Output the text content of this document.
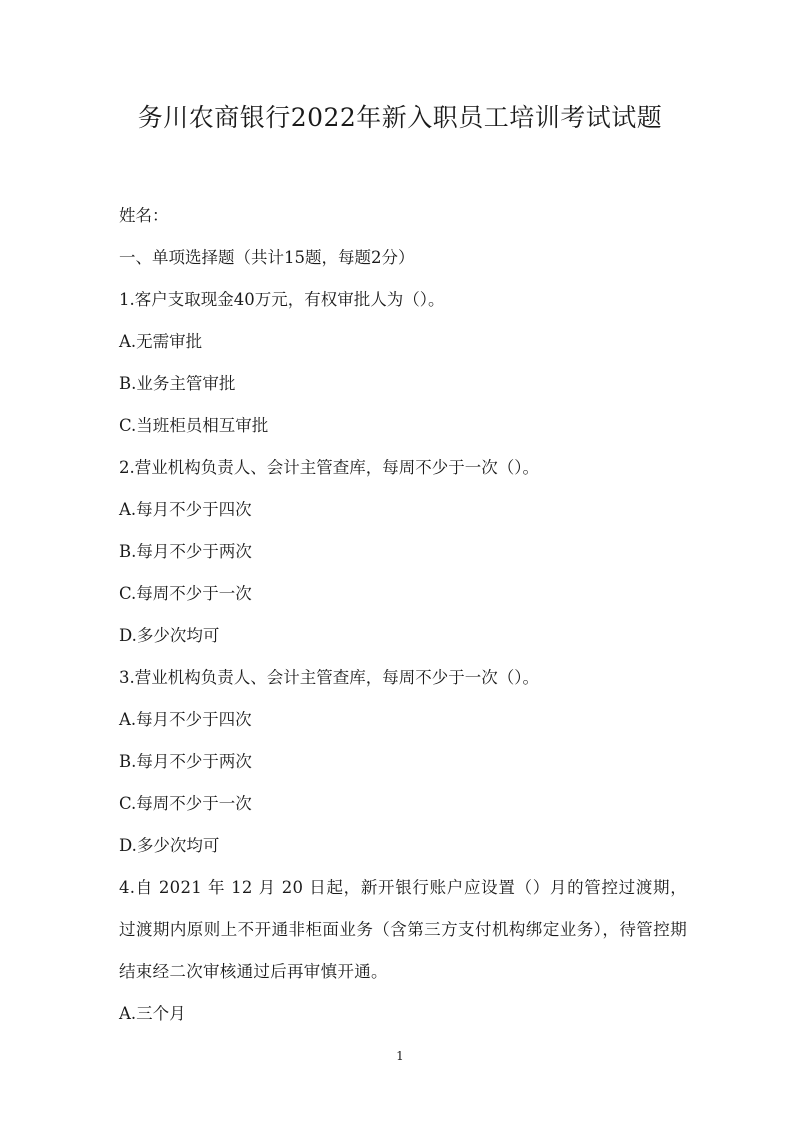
务川农商银行2022年新入职员工培训考试试题
姓名：
一、单项选择题（共计15题，每题2分）
1.客户支取现金40万元，有权审批人为（）。
A.无需审批
B.业务主管审批
C.当班柜员相互审批
2.营业机构负责人、会计主管查库，每周不少于一次（）。
A.每月不少于四次
B.每月不少于两次
C.每周不少于一次
D.多少次均可
3.营业机构负责人、会计主管查库，每周不少于一次（）。
A.每月不少于四次
B.每月不少于两次
C.每周不少于一次
D.多少次均可
4.自 2021 年 12 月 20 日起，新开银行账户应设置（）月的管控过渡期，过渡期内原则上不开通非柜面业务（含第三方支付机构绑定业务），待管控期结束经二次审核通过后再审慎开通。
A.三个月
1
